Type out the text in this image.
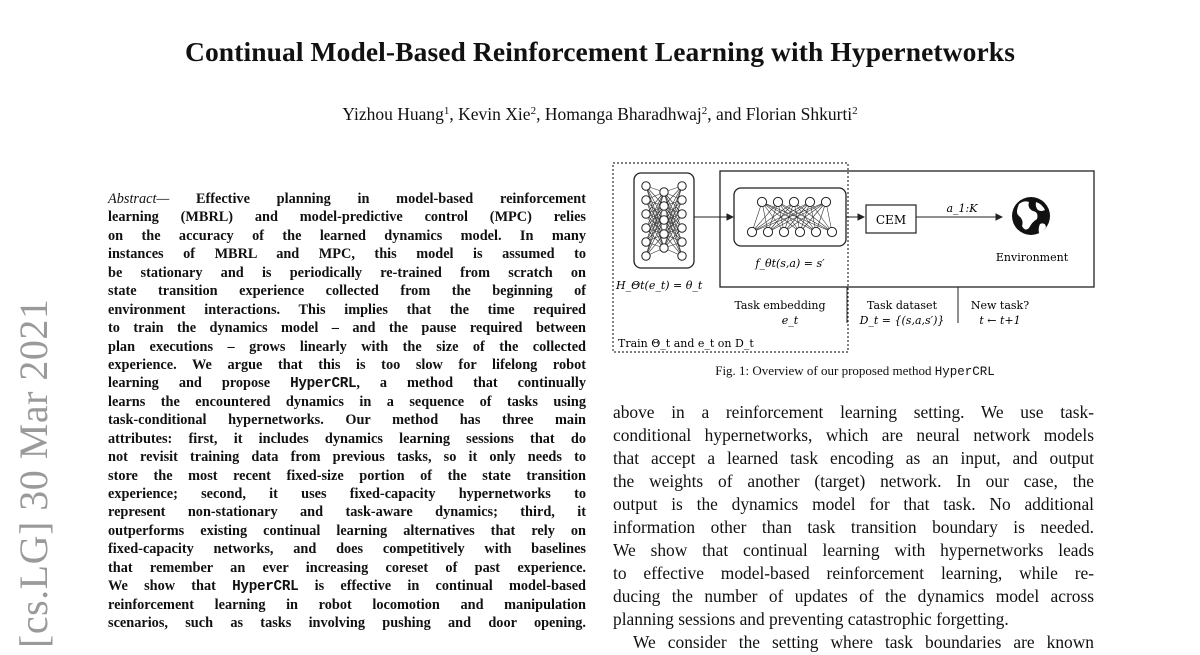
Continual Model-Based Reinforcement Learning with Hypernetworks
Yizhou Huang$^1$, Kevin Xie$^2$, Homanga Bharadhwaj$^2$, and Florian Shkurti$^2$
[cs.LG] 30 Mar 2021
Abstract— Effective planning in model-based reinforcement
learning (MBRL) and model-predictive control (MPC) relies
on the accuracy of the learned dynamics model. In many
instances of MBRL and MPC, this model is assumed to
be stationary and is periodically re-trained from scratch on
state transition experience collected from the beginning of
environment interactions. This implies that the time required
to train the dynamics model – and the pause required between
plan executions – grows linearly with the size of the collected
experience. We argue that this is too slow for lifelong robot
learning and propose HyperCRL, a method that continually
learns the encountered dynamics in a sequence of tasks using
task-conditional hypernetworks. Our method has three main
attributes: first, it includes dynamics learning sessions that do
not revisit training data from previous tasks, so it only needs to
store the most recent fixed-size portion of the state transition
experience; second, it uses fixed-capacity hypernetworks to
represent non-stationary and task-aware dynamics; third, it
outperforms existing continual learning alternatives that rely on
fixed-capacity networks, and does competitively with baselines
that remember an ever increasing coreset of past experience.
We show that HyperCRL is effective in continual model-based
reinforcement learning in robot locomotion and manipulation
scenarios, such as tasks involving pushing and door opening.
CEM
a_1:K
Environment
f_θt(s,a) = s′
H_Θt(e_t) = θ_t
Task embedding
e_t
Task dataset
D_t = {(s,a,s′)}
New task?
t ← t+1
Train Θ_t and e_t on D_t
Fig. 1: Overview of our proposed method HyperCRL
above in a reinforcement learning setting. We use task-
conditional hypernetworks, which are neural network models
that accept a learned task encoding as an input, and output
the weights of another (target) network. In our case, the
output is the dynamics model for that task. No additional
information other than task transition boundary is needed.
We show that continual learning with hypernetworks leads
to effective model-based reinforcement learning, while re-
ducing the number of updates of the dynamics model across
planning sessions and preventing catastrophic forgetting.
We consider the setting where task boundaries are known
